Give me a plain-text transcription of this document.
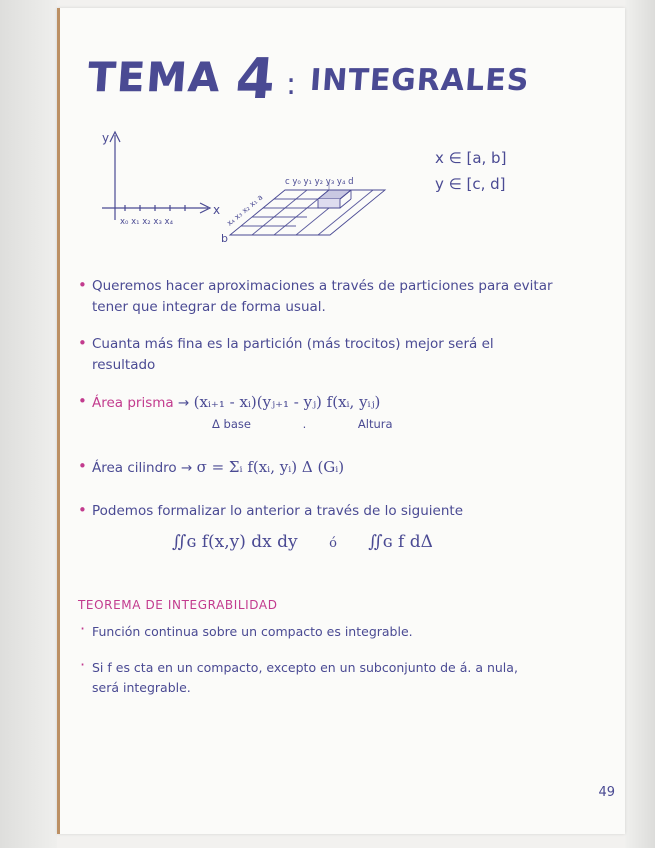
TEMA 4 : INTEGRALES
y
x
x₀ x₁ x₂ x₃ x₄
c y₀ y₁ y₂ y₃ y₄ d
x₄ x₃ x₂ x₁ a
b
x ∈ [a, b]
y ∈ [c, d]
• Queremos hacer aproximaciones a través de particiones para evitar tener que integrar de forma usual.
• Cuanta más fina es la partición (más trocitos) mejor será el resultado
• Área prisma → (xᵢ₊₁ - xᵢ)(yⱼ₊₁ - yⱼ) f(xᵢ, yᵢⱼ)
Δ base	.	Altura
• Área cilindro → σ = Σᵢ f(xᵢ, yᵢ) Δ (Gᵢ)
• Podemos formalizar lo anterior a través de lo siguiente
∬ɢ f(x,y) dx dy ó ∬ɢ f dΔ
TEOREMA DE INTEGRABILIDAD
· Función continua sobre un compacto es integrable.
· Si f es cta en un compacto, excepto en un subconjunto de á. a nula, será integrable.
49
